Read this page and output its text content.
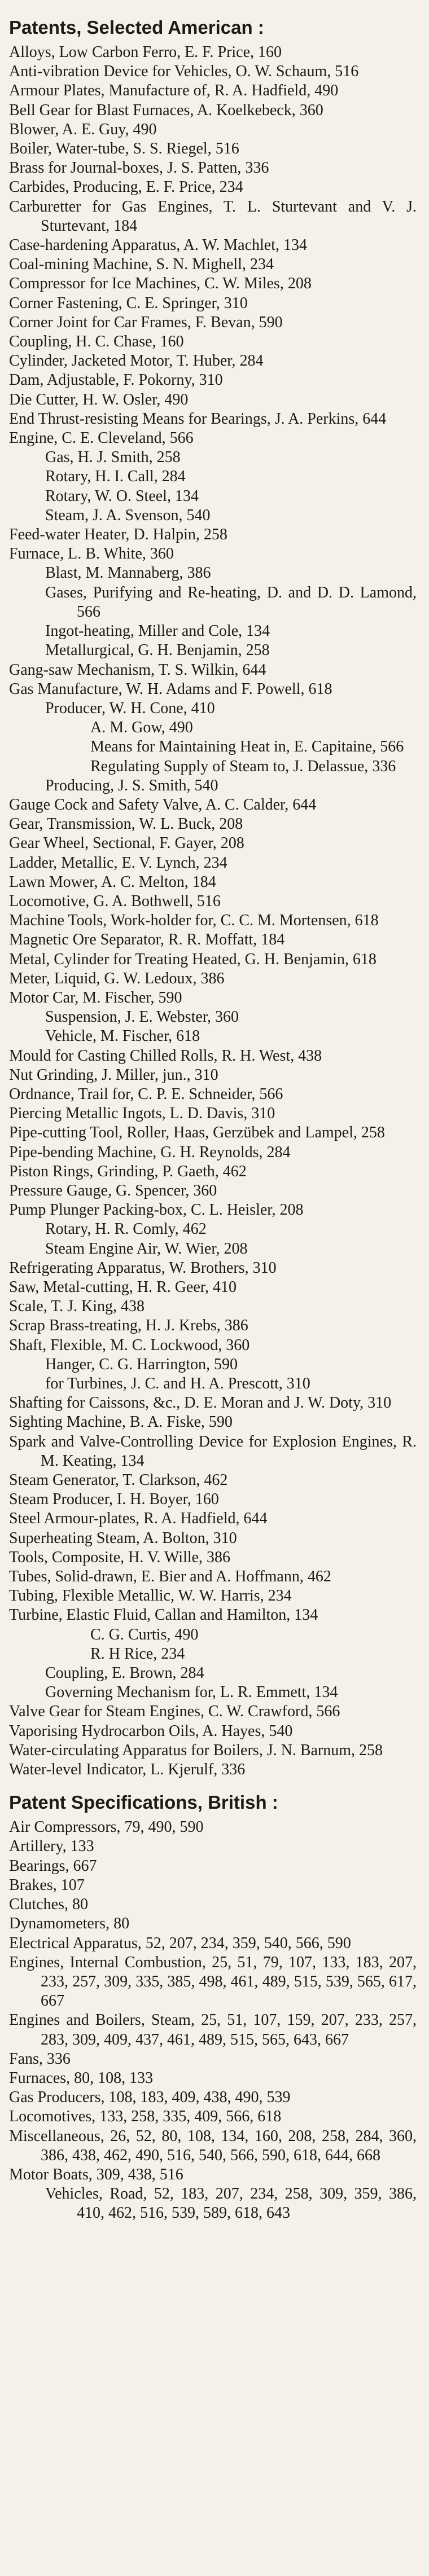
Patents, Selected American :
Alloys, Low Carbon Ferro, E. F. Price, 160
Anti-vibration Device for Vehicles, O. W. Schaum, 516
Armour Plates, Manufacture of, R. A. Hadfield, 490
Bell Gear for Blast Furnaces, A. Koelkebeck, 360
Blower, A. E. Guy, 490
Boiler, Water-tube, S. S. Riegel, 516
Brass for Journal-boxes, J. S. Patten, 336
Carbides, Producing, E. F. Price, 234
Carburetter for Gas Engines, T. L. Sturtevant and V. J. Sturtevant, 184
Case-hardening Apparatus, A. W. Machlet, 134
Coal-mining Machine, S. N. Mighell, 234
Compressor for Ice Machines, C. W. Miles, 208
Corner Fastening, C. E. Springer, 310
Corner Joint for Car Frames, F. Bevan, 590
Coupling, H. C. Chase, 160
Cylinder, Jacketed Motor, T. Huber, 284
Dam, Adjustable, F. Pokorny, 310
Die Cutter, H. W. Osler, 490
End Thrust-resisting Means for Bearings, J. A. Perkins, 644
Engine, C. E. Cleveland, 566
Gas, H. J. Smith, 258
Rotary, H. I. Call, 284
Rotary, W. O. Steel, 134
Steam, J. A. Svenson, 540
Feed-water Heater, D. Halpin, 258
Furnace, L. B. White, 360
Blast, M. Mannaberg, 386
Gases, Purifying and Re-heating, D. and D. D. Lamond, 566
Ingot-heating, Miller and Cole, 134
Metallurgical, G. H. Benjamin, 258
Gang-saw Mechanism, T. S. Wilkin, 644
Gas Manufacture, W. H. Adams and F. Powell, 618
Producer, W. H. Cone, 410
A. M. Gow, 490
Means for Maintaining Heat in, E. Capitaine, 566
Regulating Supply of Steam to, J. Delassue, 336
Producing, J. S. Smith, 540
Gauge Cock and Safety Valve, A. C. Calder, 644
Gear, Transmission, W. L. Buck, 208
Gear Wheel, Sectional, F. Gayer, 208
Ladder, Metallic, E. V. Lynch, 234
Lawn Mower, A. C. Melton, 184
Locomotive, G. A. Bothwell, 516
Machine Tools, Work-holder for, C. C. M. Mortensen, 618
Magnetic Ore Separator, R. R. Moffatt, 184
Metal, Cylinder for Treating Heated, G. H. Benjamin, 618
Meter, Liquid, G. W. Ledoux, 386
Motor Car, M. Fischer, 590
Suspension, J. E. Webster, 360
Vehicle, M. Fischer, 618
Mould for Casting Chilled Rolls, R. H. West, 438
Nut Grinding, J. Miller, jun., 310
Ordnance, Trail for, C. P. E. Schneider, 566
Piercing Metallic Ingots, L. D. Davis, 310
Pipe-cutting Tool, Roller, Haas, Gerzübek and Lampel, 258
Pipe-bending Machine, G. H. Reynolds, 284
Piston Rings, Grinding, P. Gaeth, 462
Pressure Gauge, G. Spencer, 360
Pump Plunger Packing-box, C. L. Heisler, 208
Rotary, H. R. Comly, 462
Steam Engine Air, W. Wier, 208
Refrigerating Apparatus, W. Brothers, 310
Saw, Metal-cutting, H. R. Geer, 410
Scale, T. J. King, 438
Scrap Brass-treating, H. J. Krebs, 386
Shaft, Flexible, M. C. Lockwood, 360
Hanger, C. G. Harrington, 590
for Turbines, J. C. and H. A. Prescott, 310
Shafting for Caissons, &c., D. E. Moran and J. W. Doty, 310
Sighting Machine, B. A. Fiske, 590
Spark and Valve-Controlling Device for Explosion Engines, R. M. Keating, 134
Steam Generator, T. Clarkson, 462
Steam Producer, I. H. Boyer, 160
Steel Armour-plates, R. A. Hadfield, 644
Superheating Steam, A. Bolton, 310
Tools, Composite, H. V. Wille, 386
Tubes, Solid-drawn, E. Bier and A. Hoffmann, 462
Tubing, Flexible Metallic, W. W. Harris, 234
Turbine, Elastic Fluid, Callan and Hamilton, 134
C. G. Curtis, 490
R. H Rice, 234
Coupling, E. Brown, 284
Governing Mechanism for, L. R. Emmett, 134
Valve Gear for Steam Engines, C. W. Crawford, 566
Vaporising Hydrocarbon Oils, A. Hayes, 540
Water-circulating Apparatus for Boilers, J. N. Barnum, 258
Water-level Indicator, L. Kjerulf, 336
Patent Specifications, British :
Air Compressors, 79, 490, 590
Artillery, 133
Bearings, 667
Brakes, 107
Clutches, 80
Dynamometers, 80
Electrical Apparatus, 52, 207, 234, 359, 540, 566, 590
Engines, Internal Combustion, 25, 51, 79, 107, 133, 183, 207, 233, 257, 309, 335, 385, 498, 461, 489, 515, 539, 565, 617, 667
Engines and Boilers, Steam, 25, 51, 107, 159, 207, 233, 257, 283, 309, 409, 437, 461, 489, 515, 565, 643, 667
Fans, 336
Furnaces, 80, 108, 133
Gas Producers, 108, 183, 409, 438, 490, 539
Locomotives, 133, 258, 335, 409, 566, 618
Miscellaneous, 26, 52, 80, 108, 134, 160, 208, 258, 284, 360, 386, 438, 462, 490, 516, 540, 566, 590, 618, 644, 668
Motor Boats, 309, 438, 516
Vehicles, Road, 52, 183, 207, 234, 258, 309, 359, 386, 410, 462, 516, 539, 589, 618, 643
